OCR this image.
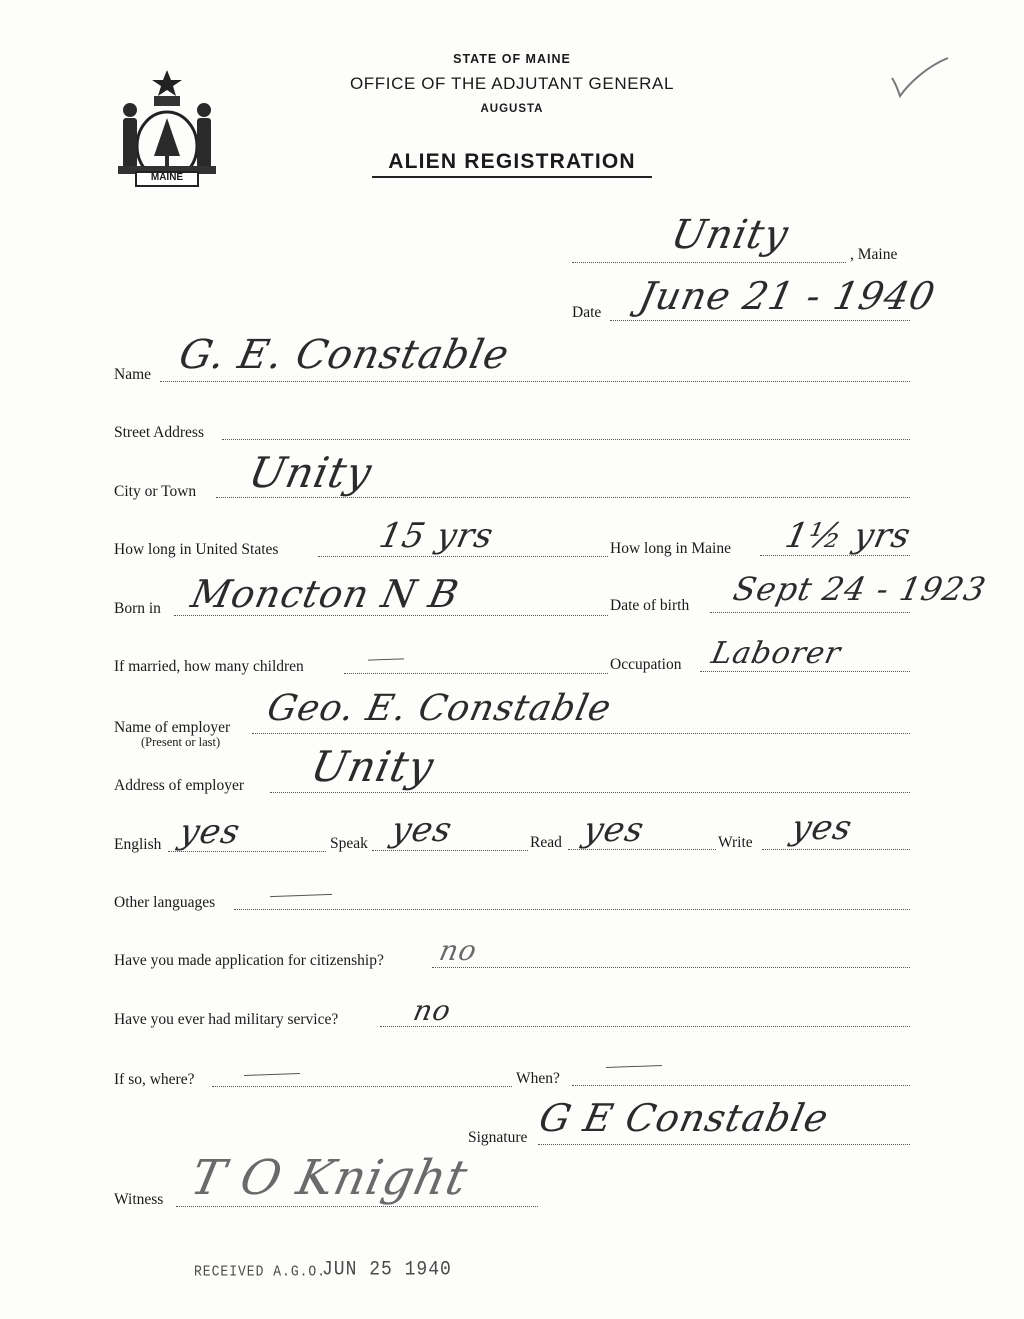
MAINE
STATE OF MAINE
OFFICE OF THE ADJUTANT GENERAL
AUGUSTA
ALIEN REGISTRATION
Unity	, Maine
Date June 21 - 1940
Name G. E. Constable
Street Address
City or Town Unity
How long in United States	15 yrs	How long in Maine 1½ yrs
Born in Moncton N B	Date of birth Sept 24 - 1923
If married, how many children	Occupation Laborer
Name of employer
(Present or last)
Geo. E. Constable
Address of employer Unity
English yes	Speak yes	Read yes	Write yes
Other languages
Have you made application for citizenship? no
Have you ever had military service?	no
If so, where?	When?
Signature G E Constable
Witness T O Knight
RECEIVED A.G.O.
JUN 25 1940
